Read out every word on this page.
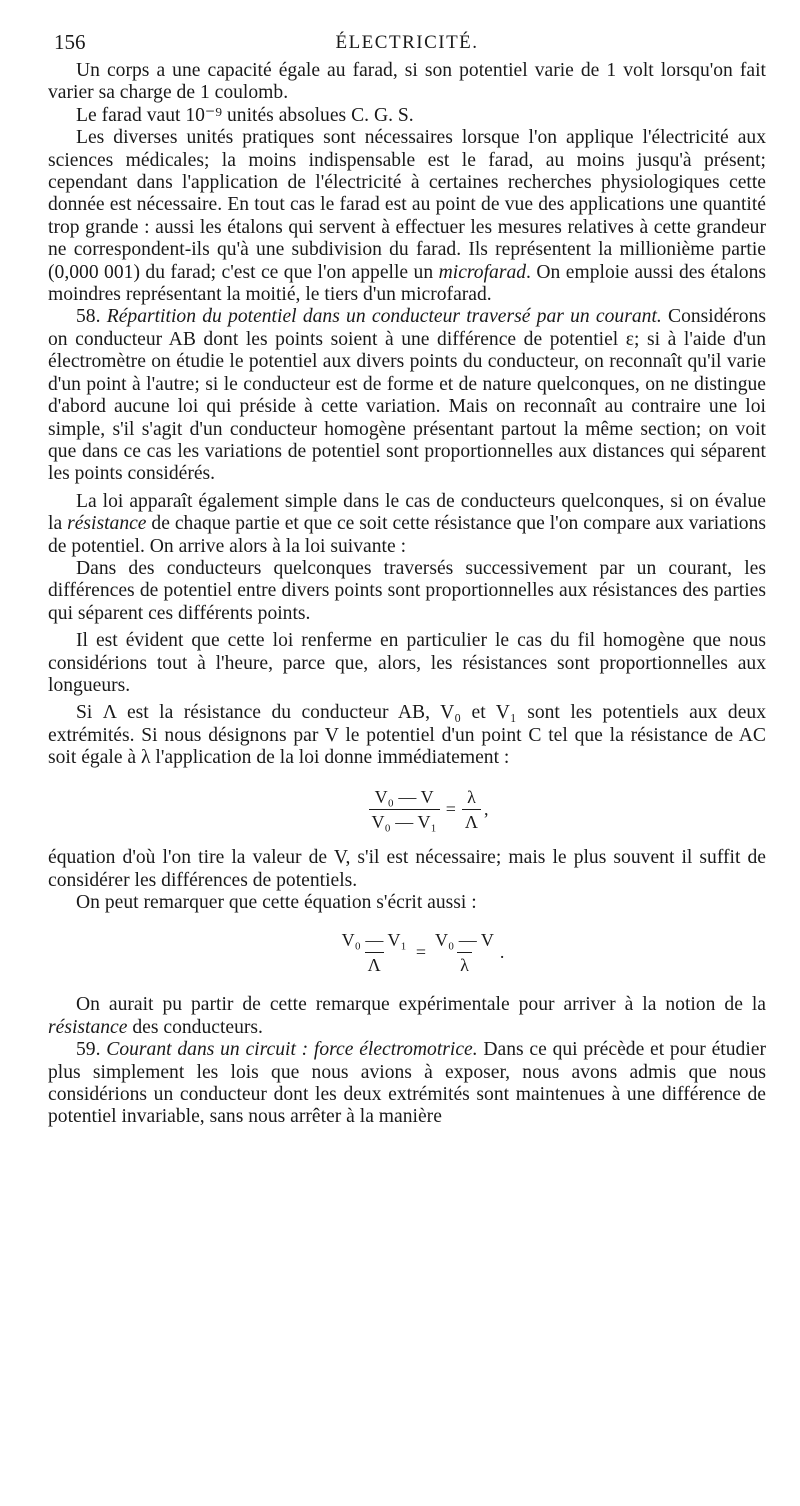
156	ÉLECTRICITÉ.

Un corps a une capacité égale au farad, si son potentiel varie de 1 volt lorsqu'on fait varier sa charge de 1 coulomb.

Le farad vaut 10⁻⁹ unités absolues C. G. S.

Les diverses unités pratiques sont nécessaires lorsque l'on applique l'électricité aux sciences médicales; la moins indispensable est le farad, au moins jusqu'à présent; cependant dans l'application de l'électricité à certaines recherches physiologiques cette donnée est nécessaire. En tout cas le farad est au point de vue des applications une quantité trop grande : aussi les étalons qui servent à effectuer les mesures relatives à cette grandeur ne correspondent-ils qu'à une subdivision du farad. Ils représentent la millionième partie (0,000 001) du farad; c'est ce que l'on appelle un microfarad. On emploie aussi des étalons moindres représentant la moitié, le tiers d'un microfarad.

58. Répartition du potentiel dans un conducteur traversé par un courant. Considérons on conducteur AB dont les points soient à une différence de potentiel ε; si à l'aide d'un électromètre on étudie le potentiel aux divers points du conducteur, on reconnaît qu'il varie d'un point à l'autre; si le conducteur est de forme et de nature quelconques, on ne distingue d'abord aucune loi qui préside à cette variation. Mais on reconnaît au contraire une loi simple, s'il s'agit d'un conducteur homogène présentant partout la même section; on voit que dans ce cas les variations de potentiel sont proportionnelles aux distances qui séparent les points considérés.

La loi apparaît également simple dans le cas de conducteurs quelconques, si on évalue la résistance de chaque partie et que ce soit cette résistance que l'on compare aux variations de potentiel. On arrive alors à la loi suivante :

Dans des conducteurs quelconques traversés successivement par un courant, les différences de potentiel entre divers points sont proportionnelles aux résistances des parties qui séparent ces différents points.

Il est évident que cette loi renferme en particulier le cas du fil homogène que nous considérions tout à l'heure, parce que, alors, les résistances sont proportionnelles aux longueurs.

Si Λ est la résistance du conducteur AB, V₀ et V₁ sont les potentiels aux deux extrémités. Si nous désignons par V le potentiel d'un point C tel que la résistance de AC soit égale à λ l'application de la loi donne immédiatement :

$\frac{\text{V₀ — V}}{\text{V₀ — V₁}} = \frac{\lambda}{\Lambda}$ ,

équation d'où l'on tire la valeur de V, s'il est nécessaire; mais le plus souvent il suffit de considérer les différences de potentiels.

On peut remarquer que cette équation s'écrit aussi :

$\frac{\text{V₀ — V₁}}{\Lambda} = \frac{\text{V₀ — V}}{\lambda}$ .

On aurait pu partir de cette remarque expérimentale pour arriver à la notion de la résistance des conducteurs.

59. Courant dans un circuit : force électromotrice. Dans ce qui précède et pour étudier plus simplement les lois que nous avions à exposer, nous avons admis que nous considérions un conducteur dont les deux extrémités sont maintenues à une différence de potentiel invariable, sans nous arrêter à la manière
